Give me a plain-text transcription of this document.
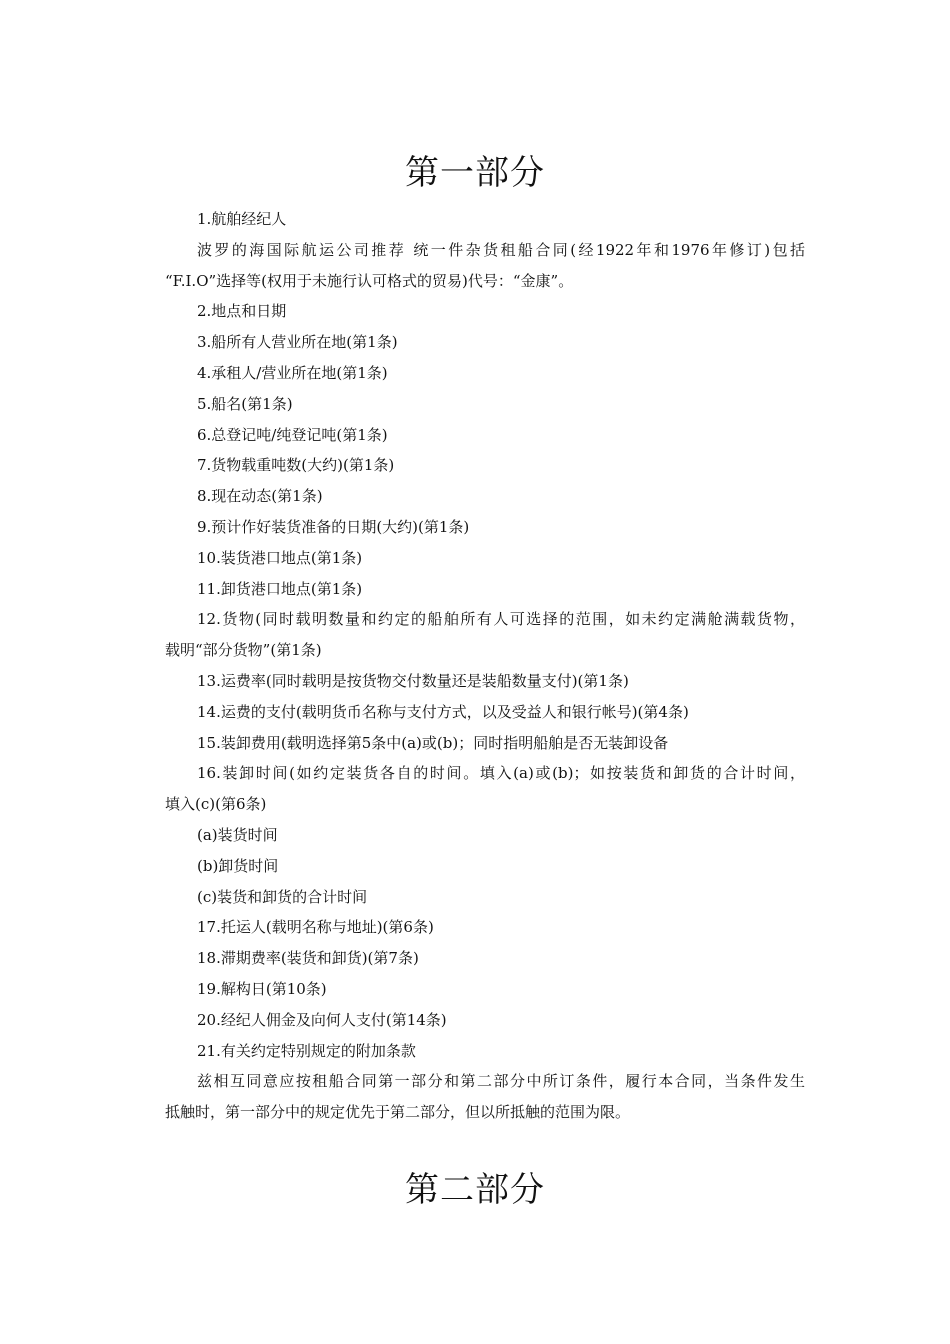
第一部分

1.航舶经纪人

波罗的海国际航运公司推荐 统一件杂货租船合同(经1922年和1976年修订)包括

“F.I.O”选择等(权用于未施行认可格式的贸易)代号：“金康”。

2.地点和日期

3.船所有人营业所在地(第1条)

4.承租人/营业所在地(第1条)

5.船名(第1条)

6.总登记吨/纯登记吨(第1条)

7.货物载重吨数(大约)(第1条)

8.现在动态(第1条)

9.预计作好装货准备的日期(大约)(第1条)

10.装货港口地点(第1条)

11.卸货港口地点(第1条)

12.货物(同时载明数量和约定的船舶所有人可选择的范围，如未约定满舱满载货物，

载明“部分货物”(第1条)

13.运费率(同时载明是按货物交付数量还是装船数量支付)(第1条)

14.运费的支付(载明货币名称与支付方式，以及受益人和银行帐号)(第4条)

15.装卸费用(载明选择第5条中(a)或(b)；同时指明船舶是否无装卸设备

16.装卸时间(如约定装货各自的时间。填入(a)或(b)；如按装货和卸货的合计时间，

填入(c)(第6条)

(a)装货时间

(b)卸货时间

(c)装货和卸货的合计时间

17.托运人(载明名称与地址)(第6条)

18.滞期费率(装货和卸货)(第7条)

19.解构日(第10条)

20.经纪人佣金及向何人支付(第14条)

21.有关约定特别规定的附加条款

兹相互同意应按租船合同第一部分和第二部分中所订条件，履行本合同，当条件发生

抵触时，第一部分中的规定优先于第二部分，但以所抵触的范围为限。

第二部分
